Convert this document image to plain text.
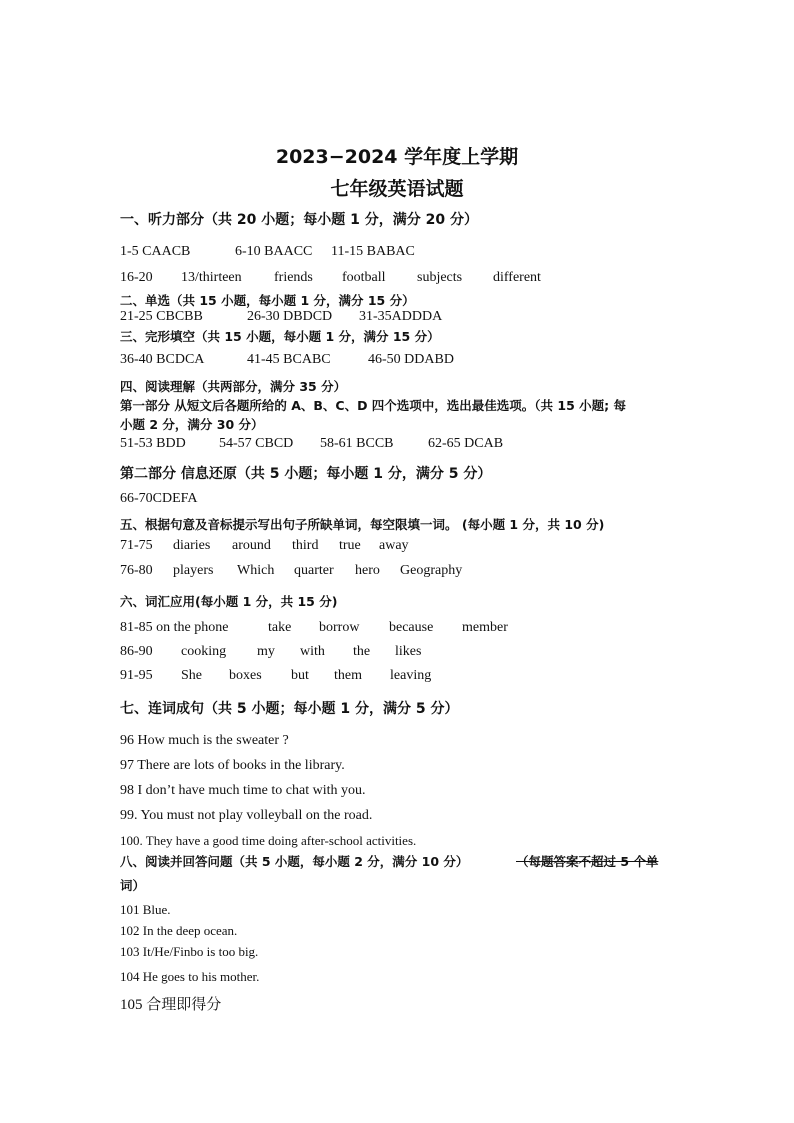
2023−2024 学年度上学期
七年级英语试题
一、听力部分（共 20 小题；每小题 1 分，满分 20 分）
1-5 CAACB	6-10 BAACC 11-15 BABAC
16-20 13/thirteen friends football subjects different
二、单选（共 15 小题，每小题 1 分，满分 15 分）
21-25 CBCBB	26-30 DBDCD 31-35ADDDA
三、完形填空（共 15 小题，每小题 1 分，满分 15 分）
36-40 BCDCA	41-45 BCABC	46-50 DDABD
四、阅读理解（共两部分，满分 35 分）
第一部分 从短文后各题所给的 A、B、C、D 四个选项中，选出最佳选项。（共 15 小题; 每
小题 2 分，满分 30 分）
51-53 BDD 54-57 CBCD 58-61 BCCB 62-65 DCAB
第二部分 信息还原（共 5 小题；每小题 1 分，满分 5 分）
66-70CDEFA
五、根据句意及音标提示写出句子所缺单词，每空限填一词。 (每小题 1 分，共 10 分)
71-75 diaries around third true away
76-80 players Which quarter hero Geography
六、词汇应用(每小题 1 分，共 15 分)
81-85 on the phone	take borrow because member
86-90 cooking my with the likes
91-95 She boxes but them leaving
七、连词成句（共 5 小题；每小题 1 分，满分 5 分）
96 How much is the sweater ?
97 There are lots of books in the library.
98 I don’t have much time to chat with you.
99. You must not play volleyball on the road.
100. They have a good time doing after-school activities.
八、阅读并回答问题（共 5 小题，每小题 2 分，满分 10 分）	（每题答案不超过 5 个单
词）
101 Blue.
102 In the deep ocean.
103 It/He/Finbo is too big.
104 He goes to his mother.
105 合理即得分
